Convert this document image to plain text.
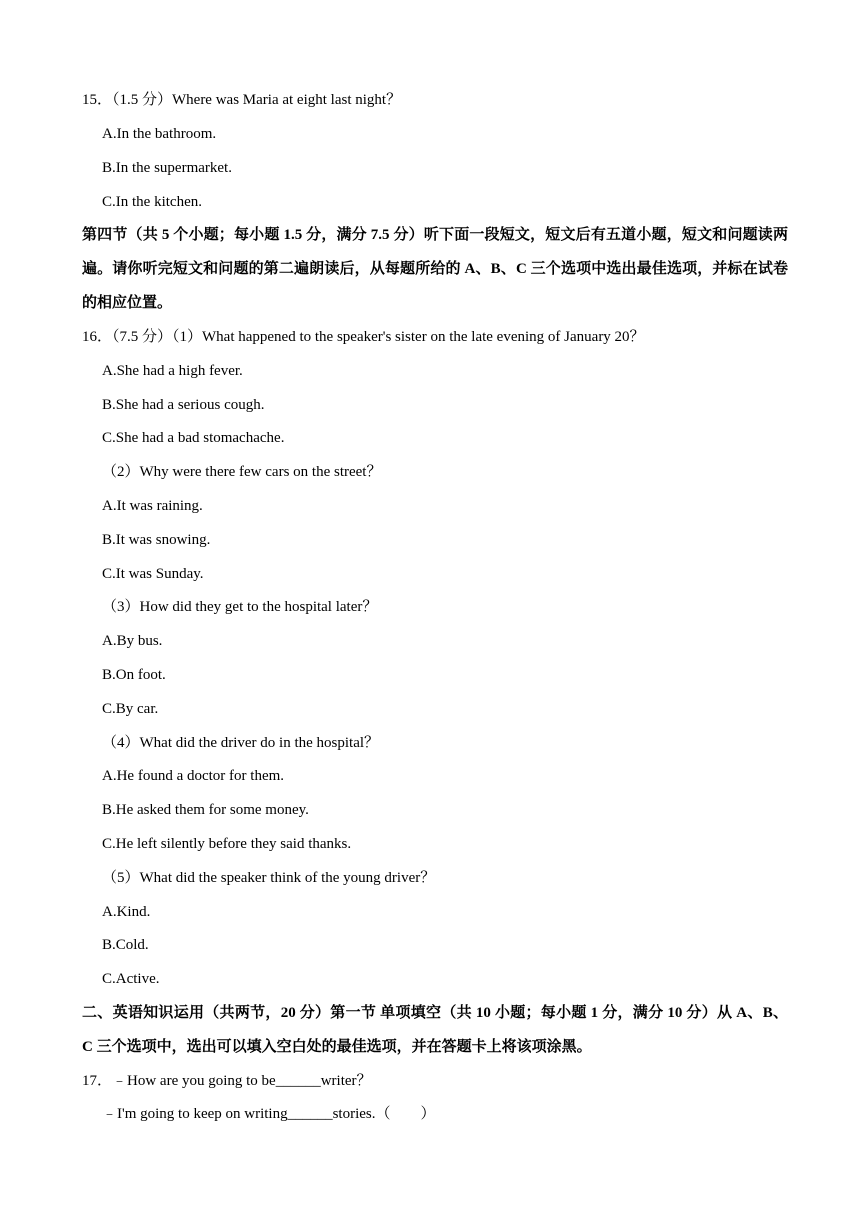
15．（1.5 分）Where was Maria at eight last night？
A.In the bathroom.
B.In the supermarket.
C.In the kitchen.
第四节（共 5 个小题；每小题 1.5 分，满分 7.5 分）听下面一段短文，短文后有五道小题，短文和问题读两
遍。请你听完短文和问题的第二遍朗读后，从每题所给的 A、B、C 三个选项中选出最佳选项，并标在试卷
的相应位置。
16．（7.5 分）（1）What happened to the speaker's sister on the late evening of January 20？
A.She had a high fever.
B.She had a serious cough.
C.She had a bad stomachache.
（2）Why were there few cars on the street？
A.It was raining.
B.It was snowing.
C.It was Sunday.
（3）How did they get to the hospital later？
A.By bus.
B.On foot.
C.By car.
（4）What did the driver do in the hospital？
A.He found a doctor for them.
B.He asked them for some money.
C.He left silently before they said thanks.
（5）What did the speaker think of the young driver？
A.Kind.
B.Cold.
C.Active.
二、英语知识运用（共两节，20 分）第一节 单项填空（共 10 小题；每小题 1 分，满分 10 分）从 A、B、
C 三个选项中，选出可以填入空白处的最佳选项，并在答题卡上将该项涂黑。
17．﹣How are you going to be______writer？
﹣I'm going to keep on writing______stories.（　　）
